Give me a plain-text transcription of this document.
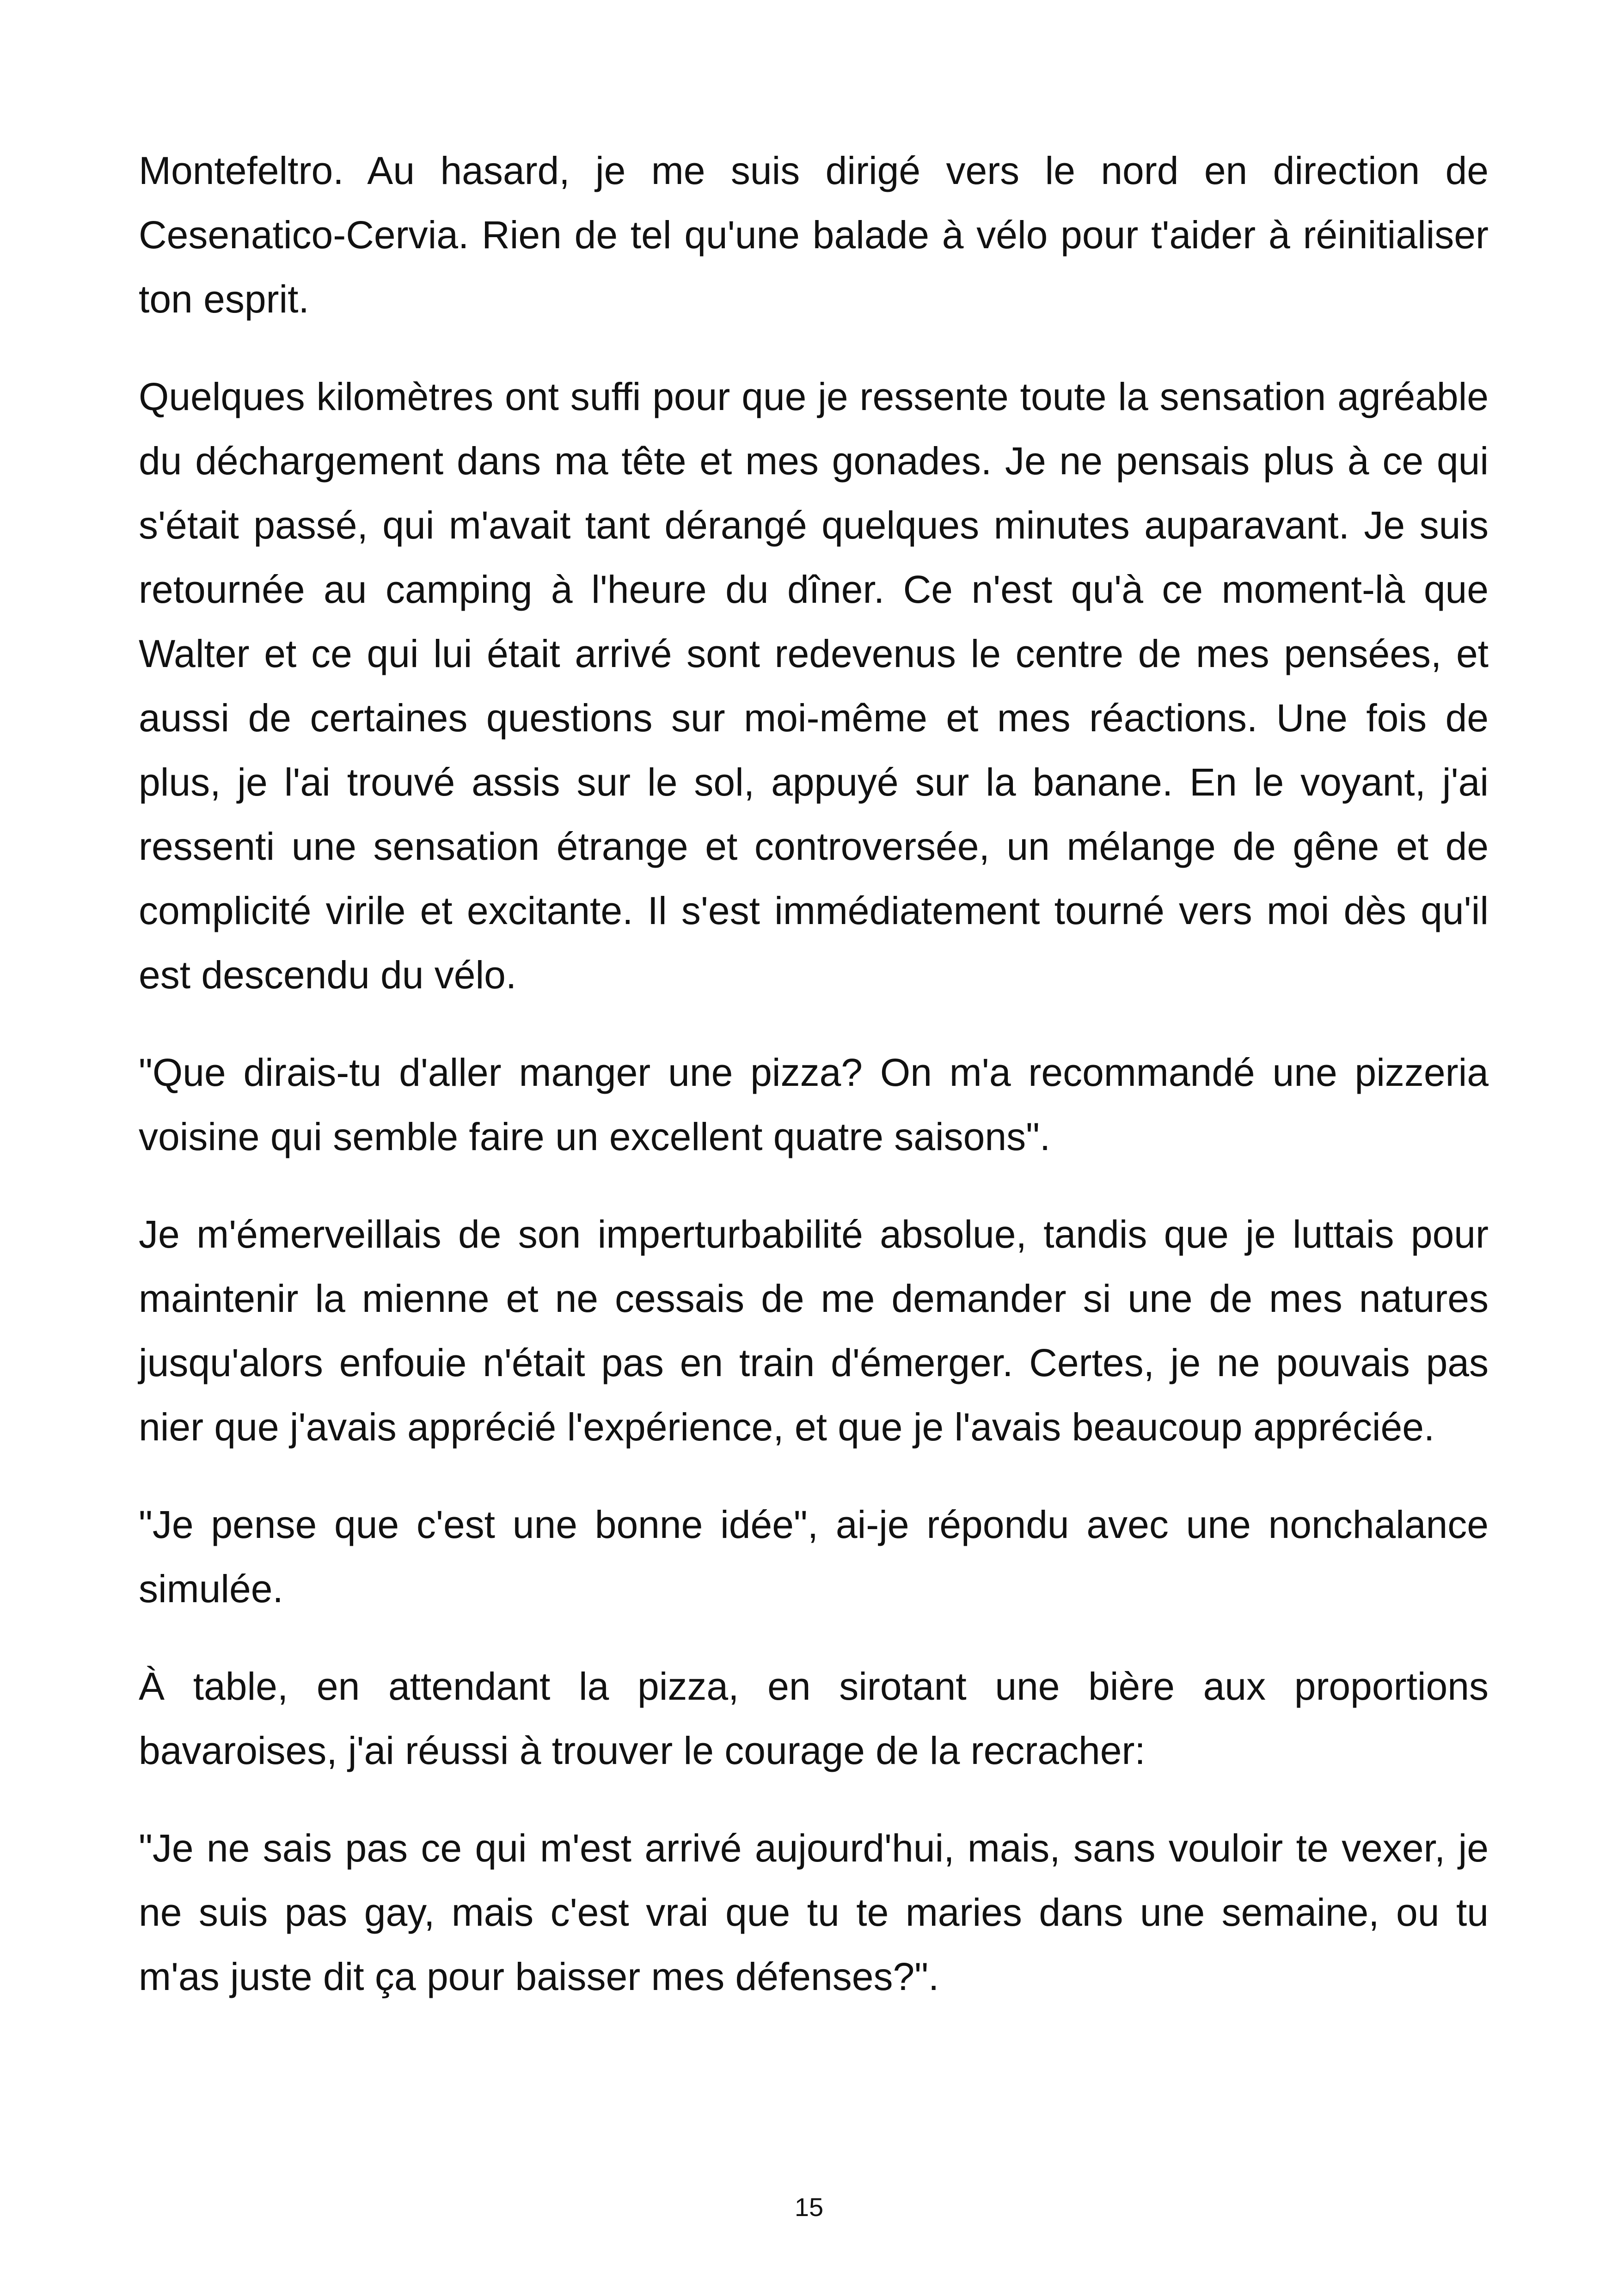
Montefeltro. Au hasard, je me suis dirigé vers le nord en direction de Cesenatico-Cervia. Rien de tel qu'une balade à vélo pour t'aider à réinitialiser ton esprit.

Quelques kilomètres ont suffi pour que je ressente toute la sensation agréable du déchargement dans ma tête et mes gonades. Je ne pensais plus à ce qui s'était passé, qui m'avait tant dérangé quelques minutes auparavant. Je suis retournée au camping à l'heure du dîner. Ce n'est qu'à ce moment-là que Walter et ce qui lui était arrivé sont redevenus le centre de mes pensées, et aussi de certaines questions sur moi-même et mes réactions. Une fois de plus, je l'ai trouvé assis sur le sol, appuyé sur la banane. En le voyant, j'ai ressenti une sensation étrange et controversée, un mélange de gêne et de complicité virile et excitante. Il s'est immédiatement tourné vers moi dès qu'il est descendu du vélo.

"Que dirais-tu d'aller manger une pizza? On m'a recommandé une pizzeria voisine qui semble faire un excellent quatre saisons".

Je m'émerveillais de son imperturbabilité absolue, tandis que je luttais pour maintenir la mienne et ne cessais de me demander si une de mes natures jusqu'alors enfouie n'était pas en train d'émerger. Certes, je ne pouvais pas nier que j'avais apprécié l'expérience, et que je l'avais beaucoup appréciée.

"Je pense que c'est une bonne idée", ai-je répondu avec une nonchalance simulée.

À table, en attendant la pizza, en sirotant une bière aux proportions bavaroises, j'ai réussi à trouver le courage de la recracher:

"Je ne sais pas ce qui m'est arrivé aujourd'hui, mais, sans vouloir te vexer, je ne suis pas gay, mais c'est vrai que tu te maries dans une semaine, ou tu m'as juste dit ça pour baisser mes défenses?".

15
